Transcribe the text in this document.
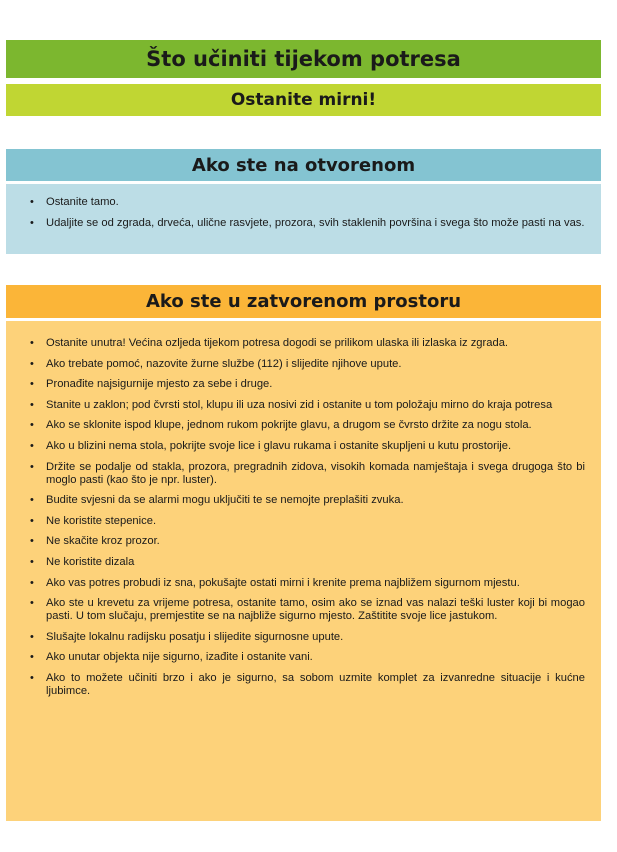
Što učiniti tijekom potresa
Ostanite mirni!
Ako ste na otvorenom
• Ostanite tamo.
• Udaljite se od zgrada, drveća, ulične rasvjete, prozora, svih staklenih površina i svega što može pasti na vas.
Ako ste u zatvorenom prostoru
• Ostanite unutra! Većina ozljeda tijekom potresa dogodi se prilikom ulaska ili izlaska iz zgrada.
• Ako trebate pomoć, nazovite žurne službe (112) i slijedite njihove upute.
• Pronađite najsigurnije mjesto za sebe i druge.
• Stanite u zaklon; pod čvrsti stol, klupu ili uza nosivi zid i ostanite u tom položaju mirno do kraja potresa
• Ako se sklonite ispod klupe, jednom rukom pokrijte glavu, a drugom se čvrsto držite za nogu stola.
• Ako u blizini nema stola, pokrijte svoje lice i glavu rukama i ostanite skupljeni u kutu prostorije.
• Držite se podalje od stakla, prozora, pregradnih zidova, visokih komada namještaja i svega drugoga što bi moglo pasti (kao što je npr. luster).
• Budite svjesni da se alarmi mogu uključiti te se nemojte preplašiti zvuka.
• Ne koristite stepenice.
• Ne skačite kroz prozor.
• Ne koristite dizala
• Ako vas potres probudi iz sna, pokušajte ostati mirni i krenite prema najbližem sigurnom mjestu.
• Ako ste u krevetu za vrijeme potresa, ostanite tamo, osim ako se iznad vas nalazi teški luster koji bi mogao pasti. U tom slučaju, premjestite se na najbliže sigurno mjesto. Zaštitite svoje lice jastukom.
• Slušajte lokalnu radijsku posatju i slijedite sigurnosne upute.
• Ako unutar objekta nije sigurno, izađite i ostanite vani.
• Ako to možete učiniti brzo i ako je sigurno, sa sobom uzmite komplet za izvanredne situacije i kućne ljubimce.
